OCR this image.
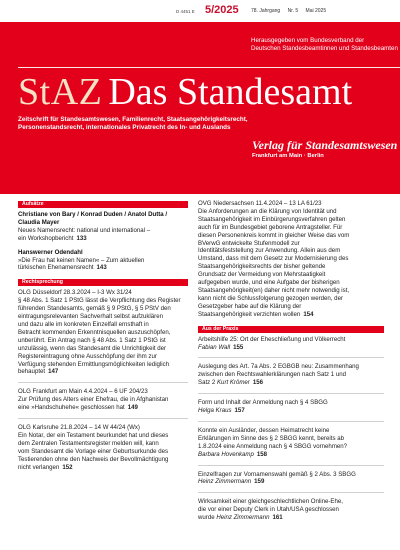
D 4451 E 5/2025 78. Jahrgang Nr. 5 Mai 2025
Herausgegeben vom Bundesverband der
Deutschen Standesbeamtinnen und Standesbeamten
StAZ Das Standesamt
Zeitschrift für Standesamtswesen, Familienrecht, Staatsangehörigkeitsrecht,
Personenstandsrecht, internationales Privatrecht des In- und Auslands
Verlag für Standesamtswesen
Frankfurt am Main · Berlin
Aufsätze
Christiane von Bary / Konrad Duden / Anatol Dutta /
Claudia Mayer
Neues Namensrecht: national und international –
ein Workshopbericht 133
Hanswerner Odendahl
»Die Frau hat keinen Namen« – Zum aktuellen
türkischen Ehenamensrecht 143
Rechtsprechung
OLG Düsseldorf 28.3.2024 – I-3 Wx 31/24
§ 48 Abs. 1 Satz 1 PStG lässt die Verpflichtung des Register
führenden Standesamts, gemäß § 9 PStG, § 5 PStV den
eintragungsrelevanten Sachverhalt selbst aufzuklären
und dazu alle im konkreten Einzelfall ernsthaft in
Betracht kommenden Erkenntnisquellen auszuschöpfen,
unberührt. Ein Antrag nach § 48 Abs. 1 Satz 1 PStG ist
unzulässig, wenn das Standesamt die Unrichtigkeit der
Registereintragung ohne Ausschöpfung der ihm zur
Verfügung stehenden Ermittlungsmöglichkeiten lediglich
behauptet 147
OLG Frankfurt am Main 4.4.2024 – 6 UF 204/23
Zur Prüfung des Alters einer Ehefrau, die in Afghanistan
eine »Handschuhehe« geschlossen hat 149
OLG Karlsruhe 21.8.2024 – 14 W 44/24 (Wx)
Ein Notar, der ein Testament beurkundet hat und dieses
dem Zentralen Testamentsregister melden will, kann
vom Standesamt die Vorlage einer Geburtsurkunde des
Testierenden ohne den Nachweis der Bevollmächtigung
nicht verlangen 152
OVG Niedersachsen 11.4.2024 – 13 LA 61/23
Die Anforderungen an die Klärung von Identität und
Staatsangehörigkeit im Einbürgerungsverfahren gelten
auch für im Bundesgebiet geborene Antragsteller. Für
diesen Personenkreis kommt in gleicher Weise das vom
BVerwG entwickelte Stufenmodell zur
Identitätsfeststellung zur Anwendung. Allein aus dem
Umstand, dass mit dem Gesetz zur Modernisierung des
Staatsangehörigkeitsrechts der bisher geltende
Grundsatz der Vermeidung von Mehrstaatigkeit
aufgegeben wurde, und eine Aufgabe der bisherigen
Staatsangehörigkeit(en) daher nicht mehr notwendig ist,
kann nicht die Schlussfolgerung gezogen werden, der
Gesetzgeber habe auf die Klärung der
Staatsangehörigkeit verzichten wollen 154
Aus der Praxis
Arbeitshilfe 25: Ort der Eheschließung und Völkerrecht
Fabian Wall 155
Auslegung des Art. 7a Abs. 2 EGBGB neu: Zusammenhang
zwischen den Rechtswahlerklärungen nach Satz 1 und
Satz 2 Kurt Krömer 156
Form und Inhalt der Anmeldung nach § 4 SBGG
Helga Kraus 157
Konnte ein Ausländer, dessen Heimatrecht keine
Erklärungen im Sinne des § 2 SBGG kennt, bereits ab
1.8.2024 eine Anmeldung nach § 4 SBGG vornehmen?
Barbara Hovenkamp 158
Einzelfragen zur Vornamenswahl gemäß § 2 Abs. 3 SBGG
Heinz Zimmermann 159
Wirksamkeit einer gleichgeschlechtlichen Online-Ehe,
die vor einer Deputy Clerk in Utah/USA geschlossen
wurde Heinz Zimmermann 161
